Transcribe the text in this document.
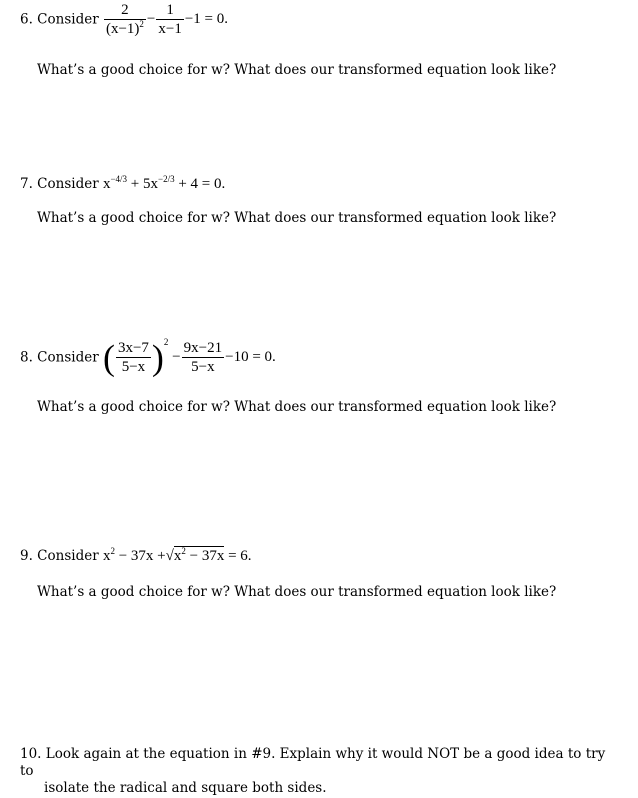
6. Consider $\frac{2}{(x-1)^2} - \frac{1}{x-1} -1 = 0$.
What’s a good choice for w? What does our transformed equation look like?
7. Consider $x^{-4/3} + 5x^{-2/3} + 4 = 0$.
What’s a good choice for w? What does our transformed equation look like?
8. Consider ( $\frac{3x-7}{5-x} )^2 - \frac{9x-21}{5-x} -10 = 0$.
What’s a good choice for w? What does our transformed equation look like?
9. Consider $x^2 - 37x +√x^2 - 37x = 6$.
What’s a good choice for w? What does our transformed equation look like?
10. Look again at the equation in #9. Explain why it would NOT be a good idea to try to
isolate the radical and square both sides.
